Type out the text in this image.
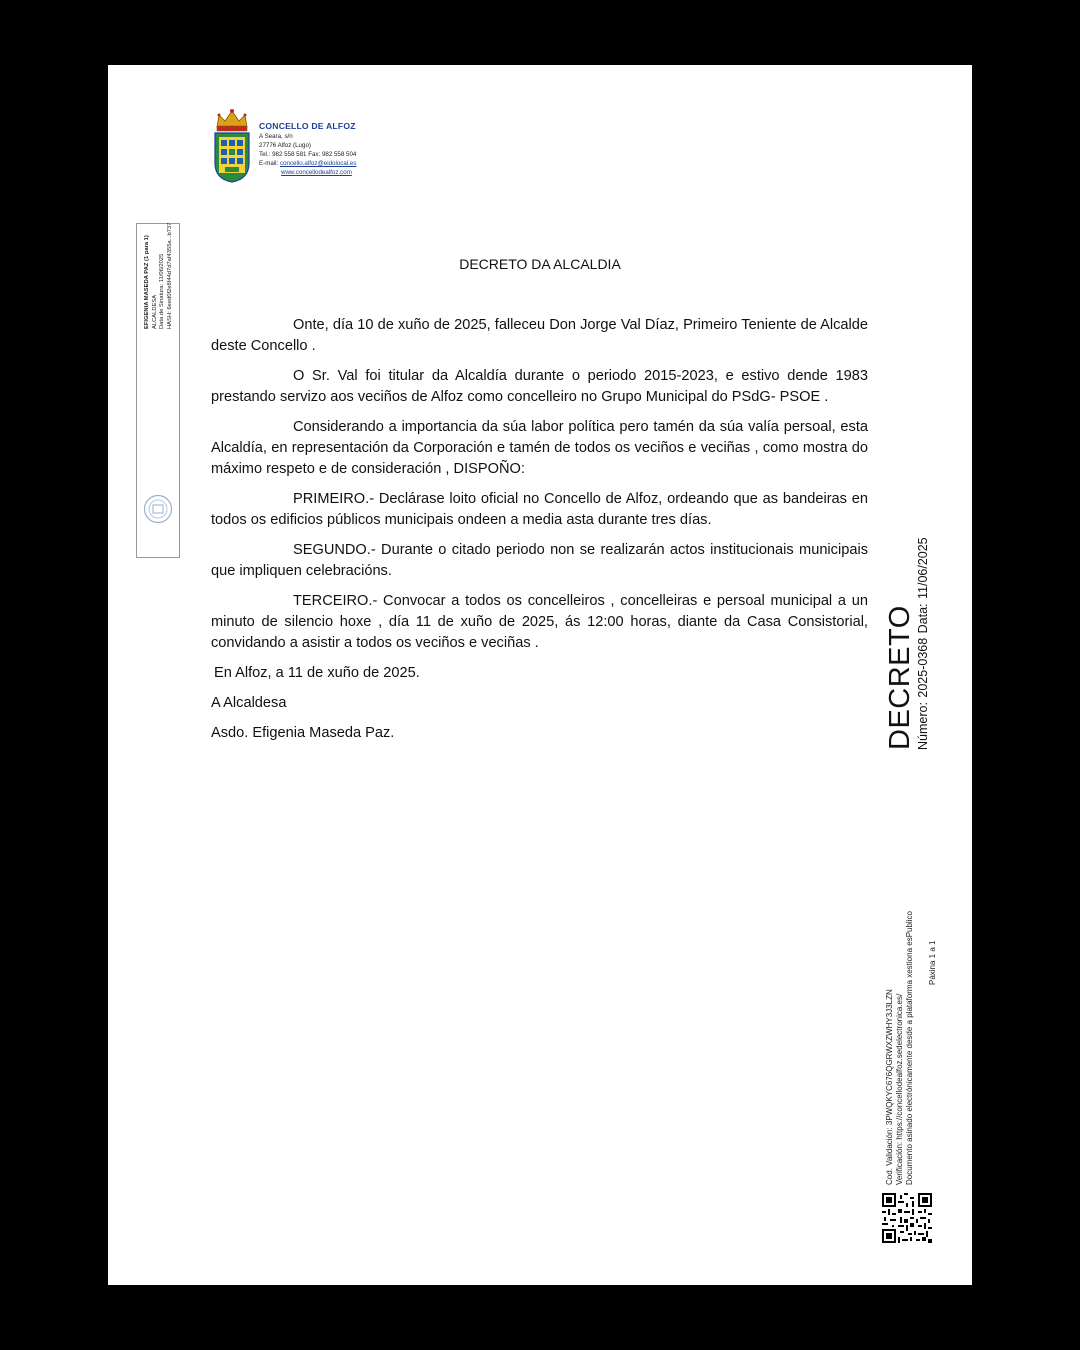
CONCELLO DE ALFOZ
A Seara, s/n
27776 Alfoz (Lugo)
Tel.: 982 558 581 Fax: 982 558 504
E-mail: concello.alfoz@eidolocal.es
www.concellodealfoz.com
EFIGENIA MASEDA PAZ (1 para 1) ALCALDESA Data de Sinatura: 11/06/2025 HASH: 6eed0f2e8f44d7d7af4355a...b737	DECRETO DA ALCALDIA

Onte, día 10 de xuño de 2025, falleceu Don Jorge Val Díaz, Primeiro Teniente de Alcalde deste Concello .

O Sr. Val foi titular da Alcaldía durante o periodo 2015-2023, e estivo dende 1983 prestando servizo aos veciños de Alfoz como concelleiro no Grupo Municipal do PSdG- PSOE .

Considerando a importancia da súa labor política pero tamén da súa valía persoal, esta Alcaldía, en representación da Corporación e tamén de todos os veciños e veciñas , como mostra do máximo respeto e de consideración , DISPOÑO:

PRIMEIRO.- Declárase loito oficial no Concello de Alfoz, ordeando que as bandeiras en todos os edificios públicos municipais ondeen a media asta durante tres días.

SEGUNDO.- Durante o citado periodo non se realizarán actos institucionais municipais que impliquen celebracións.

TERCEIRO.- Convocar a todos os concelleiros , concelleiras e persoal municipal a un minuto de silencio hoxe , día 11 de xuño de 2025, ás 12:00 horas, diante da Casa Consistorial, convidando a asistir a todos os veciños e veciñas .

En Alfoz, a 11 de xuño de 2025.

A Alcaldesa

Asdo. Efigenia Maseda Paz.	DECRETO Número: 2025-0368 Data: 11/06/2025
Cod. Validación: 3PWQKYC676QGRWXZWHY3J3LZN Verificación: https://concellodealfoz.sedelectronica.es/ Documento asinado electrónicamente desde a plataforma xestiona esPublico Páxina 1 a 1
